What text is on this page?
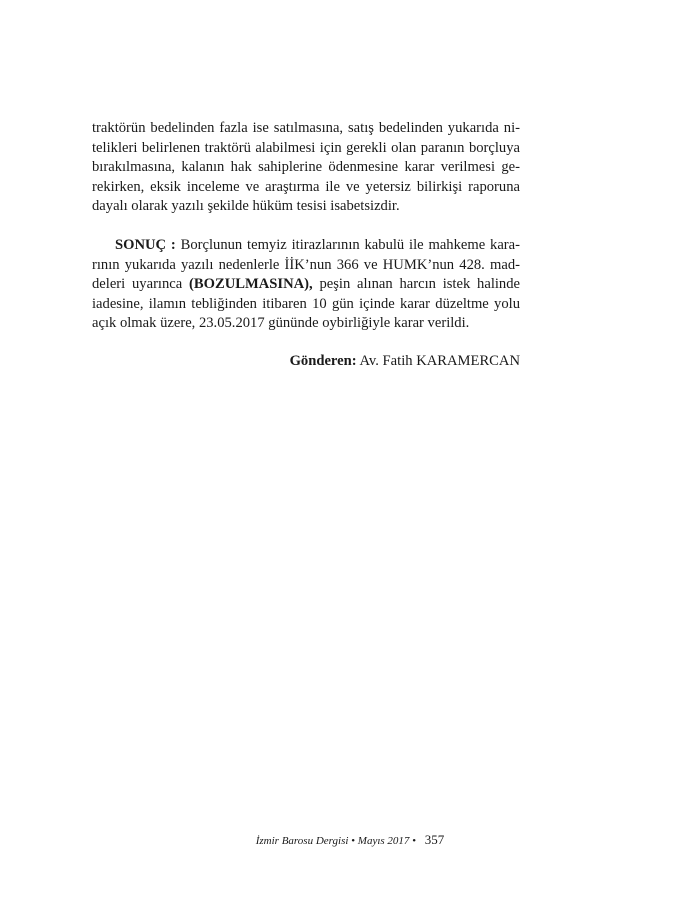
traktörün bedelinden fazla ise satılmasına, satış bedelinden yukarıda ni-
telikleri belirlenen traktörü alabilmesi için gerekli olan paranın borçluya
bırakılmasına, kalanın hak sahiplerine ödenmesine karar verilmesi ge-
rekirken, eksik inceleme ve araştırma ile ve yetersiz bilirkişi raporuna
dayalı olarak yazılı şekilde hüküm tesisi isabetsizdir.
SONUÇ : Borçlunun temyiz itirazlarının kabulü ile mahkeme kara-
rının yukarıda yazılı nedenlerle İİK’nun 366 ve HUMK’nun 428. mad-
deleri uyarınca (BOZULMASINA), peşin alınan harcın istek halinde
iadesine, ilamın tebliğinden itibaren 10 gün içinde karar düzeltme yolu
açık olmak üzere, 23.05.2017 gününde oybirliğiyle karar verildi.
Gönderen: Av. Fatih KARAMERCAN
İzmir Barosu Dergisi • Mayıs 2017 • 357
